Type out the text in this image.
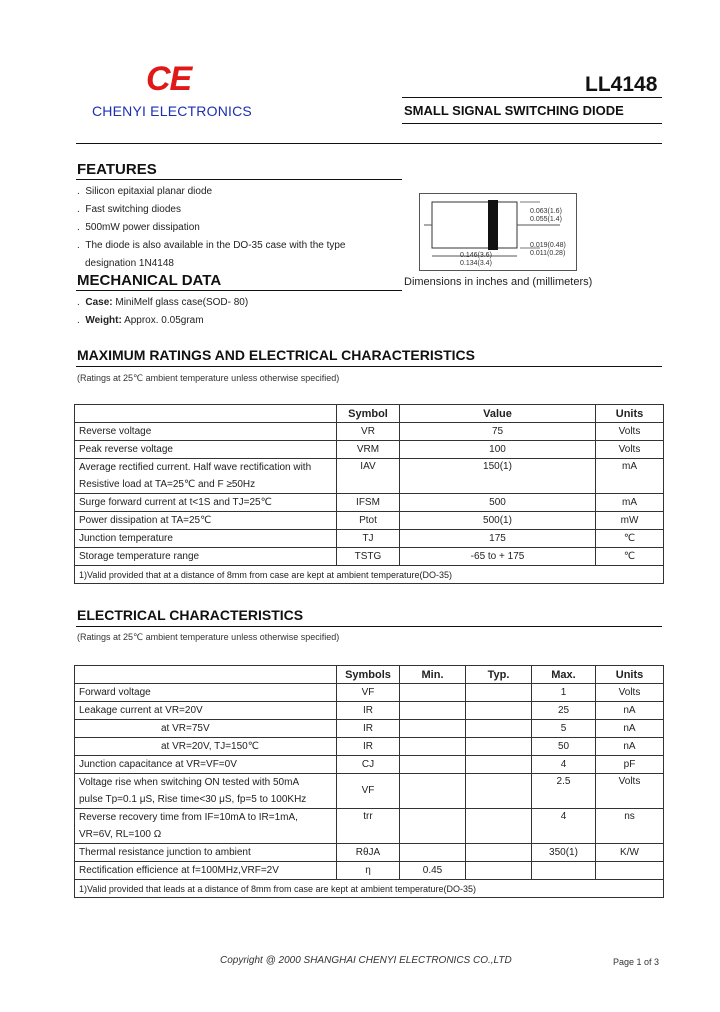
CE
CHENYI ELECTRONICS
LL4148
SMALL SIGNAL SWITCHING DIODE
FEATURES
.  Silicon epitaxial planar diode
.  Fast switching diodes
.  500mW power dissipation
.  The diode is also available in the DO-35 case with the type
designation 1N4148
MECHANICAL DATA
.  Case: MiniMelf glass case(SOD- 80)
.  Weight: Approx. 0.05gram
0.063(1.6)
0.055(1.4)
0.019(0.48)
0.011(0.28)
0.146(3.6)
0.134(3.4)
Dimensions in inches and (millimeters)
MAXIMUM RATINGS AND ELECTRICAL CHARACTERISTICS
(Ratings at 25℃ ambient temperature unless otherwise specified)
	Symbol	Value	Units
Reverse voltage	VR	75	Volts
Peak reverse voltage	VRM	100	Volts
Average rectified current. Half wave rectification with
Resistive load at TA=25℃ and F ≥50Hz	IAV	150(1)	mA
Surge forward current at t<1S and TJ=25℃	IFSM	500	mA
Power dissipation at TA=25℃	Ptot	500(1)	mW
Junction temperature	TJ	175	℃
Storage temperature range	TSTG	-65 to + 175	℃
1)Valid provided that at a distance of 8mm from case are kept at ambient temperature(DO-35)			
ELECTRICAL CHARACTERISTICS
(Ratings at 25℃ ambient temperature unless otherwise specified)
	Symbols	Min.	Typ.	Max.	Units
Forward voltage	VF			1	Volts
Leakage current at VR=20V	IR			25	nA
at VR=75V	IR			5	nA
at VR=20V, TJ=150℃	IR			50	nA
Junction capacitance at VR=VF=0V	CJ			4	pF
Voltage rise when switching ON tested with 50mA
pulse Tp=0.1 μS, Rise time<30 μS, fp=5 to 100KHz	VF			2.5	Volts
Reverse recovery time from IF=10mA to IR=1mA,
VR=6V, RL=100 Ω	trr			4	ns
Thermal resistance junction to ambient	RθJA			350(1)	K/W
Rectification efficience at f=100MHz,VRF=2V	η	0.45			
1)Valid provided that leads at a distance of 8mm from case are kept at ambient temperature(DO-35)					
Copyright @ 2000 SHANGHAI CHENYI ELECTRONICS CO.,LTD	Page 1 of 3
